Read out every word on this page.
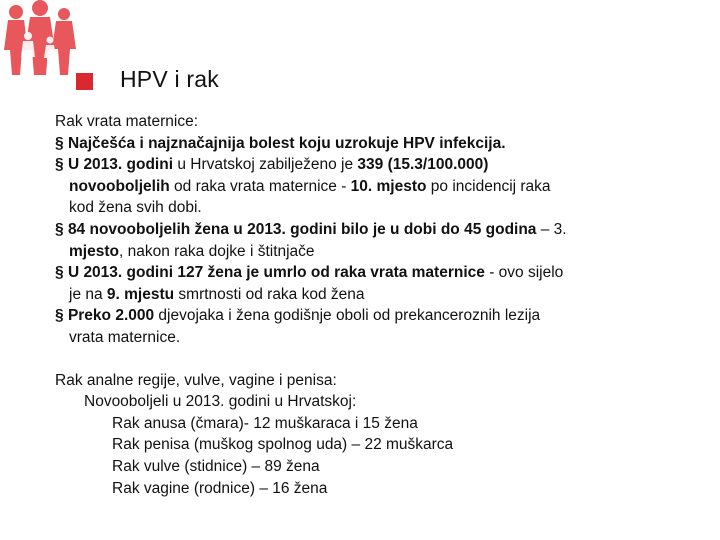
HPV i rak
Rak vrata maternice:
§ Najčešća i najznačajnija bolest koju uzrokuje HPV infekcija.
§ U 2013. godini u Hrvatskoj zabilježeno je 339 (15.3/100.000)
novooboljelih od raka vrata maternice - 10. mjesto po incidencij raka
kod žena svih dobi.
§ 84 novooboljelih žena u 2013. godini bilo je u dobi do 45 godina – 3.
mjesto, nakon raka dojke i štitnjače
§ U 2013. godini 127 žena je umrlo od raka vrata maternice - ovo sijelo
je na 9. mjestu smrtnosti od raka kod žena
§ Preko 2.000 djevojaka i žena godišnje oboli od prekanceroznih lezija
vrata maternice.
Rak analne regije, vulve, vagine i penisa:
Novooboljeli u 2013. godini u Hrvatskoj:
Rak anusa (čmara)- 12 muškaraca i 15 žena
Rak penisa (muškog spolnog uda) – 22 muškarca
Rak vulve (stidnice) – 89 žena
Rak vagine (rodnice) – 16 žena
